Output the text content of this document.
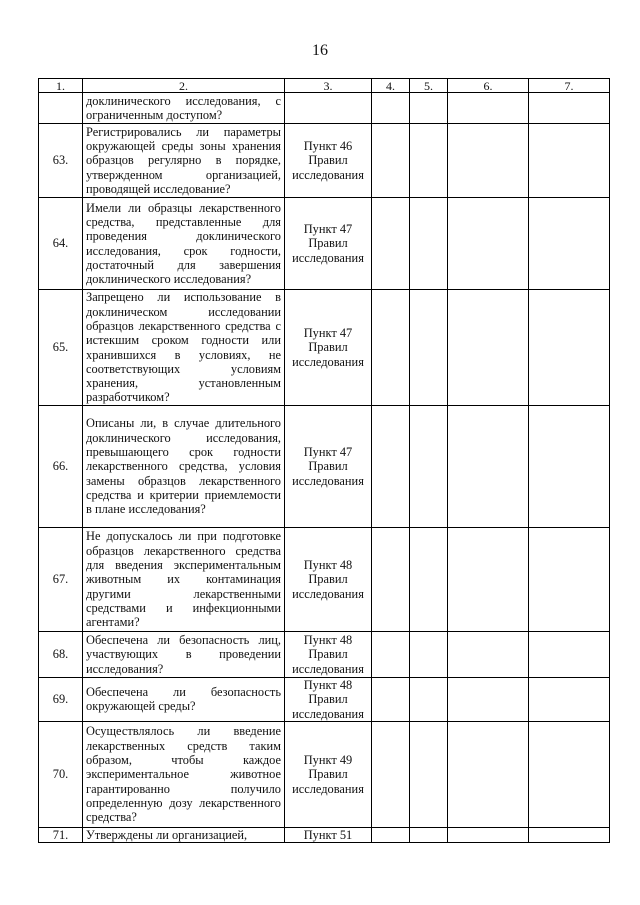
16
1.	2.	3.	4.	5.	6.	7.
	доклинического исследования, с ограниченным доступом?					
63.	Регистрировались ли параметры окружающей среды зоны хранения образцов регулярно в порядке, утвержденном организацией, проводящей исследование?	Пункт 46 Правил исследования				
64.	Имели ли образцы лекарственного средства, представленные для проведения доклинического исследования, срок годности, достаточный для завершения доклинического исследования?	Пункт 47 Правил исследования				
65.	Запрещено ли использование в доклиническом исследовании образцов лекарственного средства с истекшим сроком годности или хранившихся в условиях, не соответствующих условиям хранения, установленным разработчиком?	Пункт 47 Правил исследования				
66.	Описаны ли, в случае длительного доклинического исследования, превышающего срок годности лекарственного средства, условия замены образцов лекарственного средства и критерии приемлемости в плане исследования?	Пункт 47 Правил исследования				
67.	Не допускалось ли при подготовке образцов лекарственного средства для введения экспериментальным животным их контаминация другими лекарственными средствами и инфекционными агентами?	Пункт 48 Правил исследования				
68.	Обеспечена ли безопасность лиц, участвующих в проведении исследования?	Пункт 48 Правил исследования				
69.	Обеспечена ли безопасность окружающей среды?	Пункт 48 Правил исследования				
70.	Осуществлялось ли введение лекарственных средств таким образом, чтобы каждое экспериментальное животное гарантированно получило определенную дозу лекарственного средства?	Пункт 49 Правил исследования				
71.	Утверждены ли организацией,	Пункт 51				
